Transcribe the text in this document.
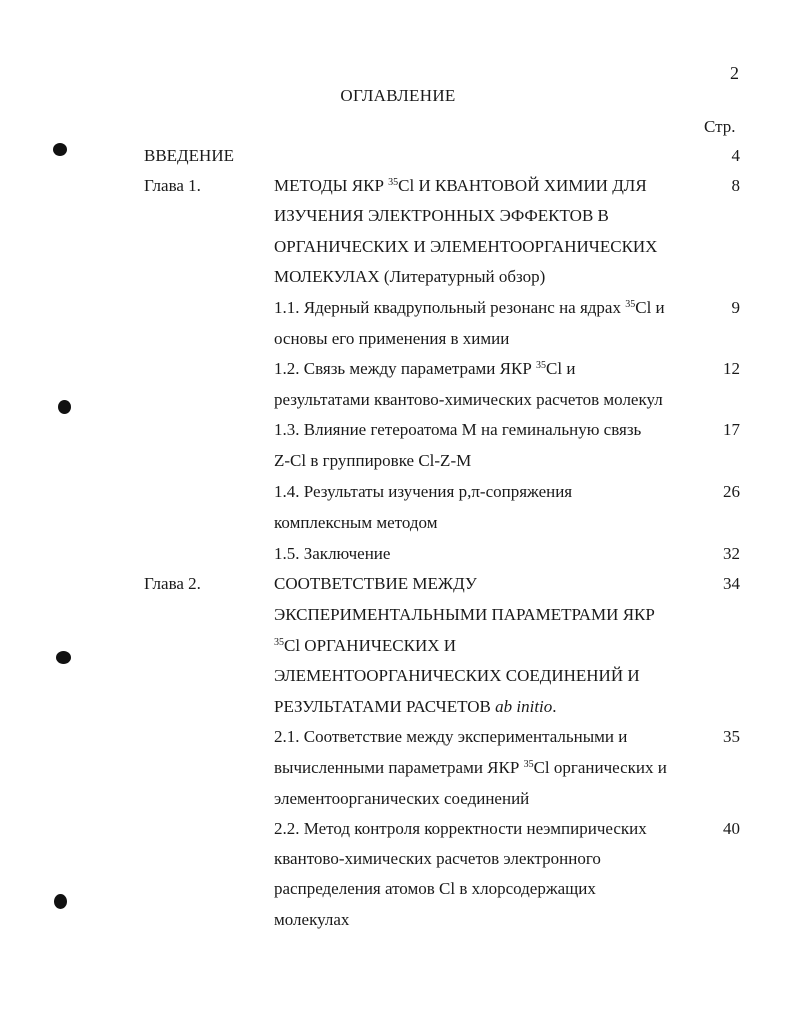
2
ОГЛАВЛЕНИЕ
Стр.
ВВЕДЕНИЕ	4
Глава 1.	МЕТОДЫ ЯКР $^{35}$Cl И КВАНТОВОЙ ХИМИИ ДЛЯ	8
ИЗУЧЕНИЯ ЭЛЕКТРОННЫХ ЭФФЕКТОВ В
ОРГАНИЧЕСКИХ И ЭЛЕМЕНТООРГАНИЧЕСКИХ
МОЛЕКУЛАХ (Литературный обзор)
1.1. Ядерный квадрупольный резонанс на ядрах $^{35}$Cl и	9
основы его применения в химии
1.2. Связь между параметрами ЯКР $^{35}$Cl и	12
результатами квантово-химических расчетов молекул
1.3. Влияние гетероатома М на геминальную связь	17
Z-Cl в группировке Cl-Z-M
1.4. Результаты изучения p,π-сопряжения	26
комплексным методом
1.5. Заключение	32
Глава 2.	СООТВЕТСТВИЕ МЕЖДУ	34
ЭКСПЕРИМЕНТАЛЬНЫМИ ПАРАМЕТРАМИ ЯКР
$^{35}$Cl ОРГАНИЧЕСКИХ И
ЭЛЕМЕНТООРГАНИЧЕСКИХ СОЕДИНЕНИЙ И
РЕЗУЛЬТАТАМИ РАСЧЕТОВ ab initio.
2.1. Соответствие между экспериментальными и	35
вычисленными параметрами ЯКР $^{35}$Cl органических и
элементоорганических соединений
2.2. Метод контроля корректности неэмпирических	40
квантово-химических расчетов электронного
распределения атомов Cl в хлорсодержащих
молекулах
